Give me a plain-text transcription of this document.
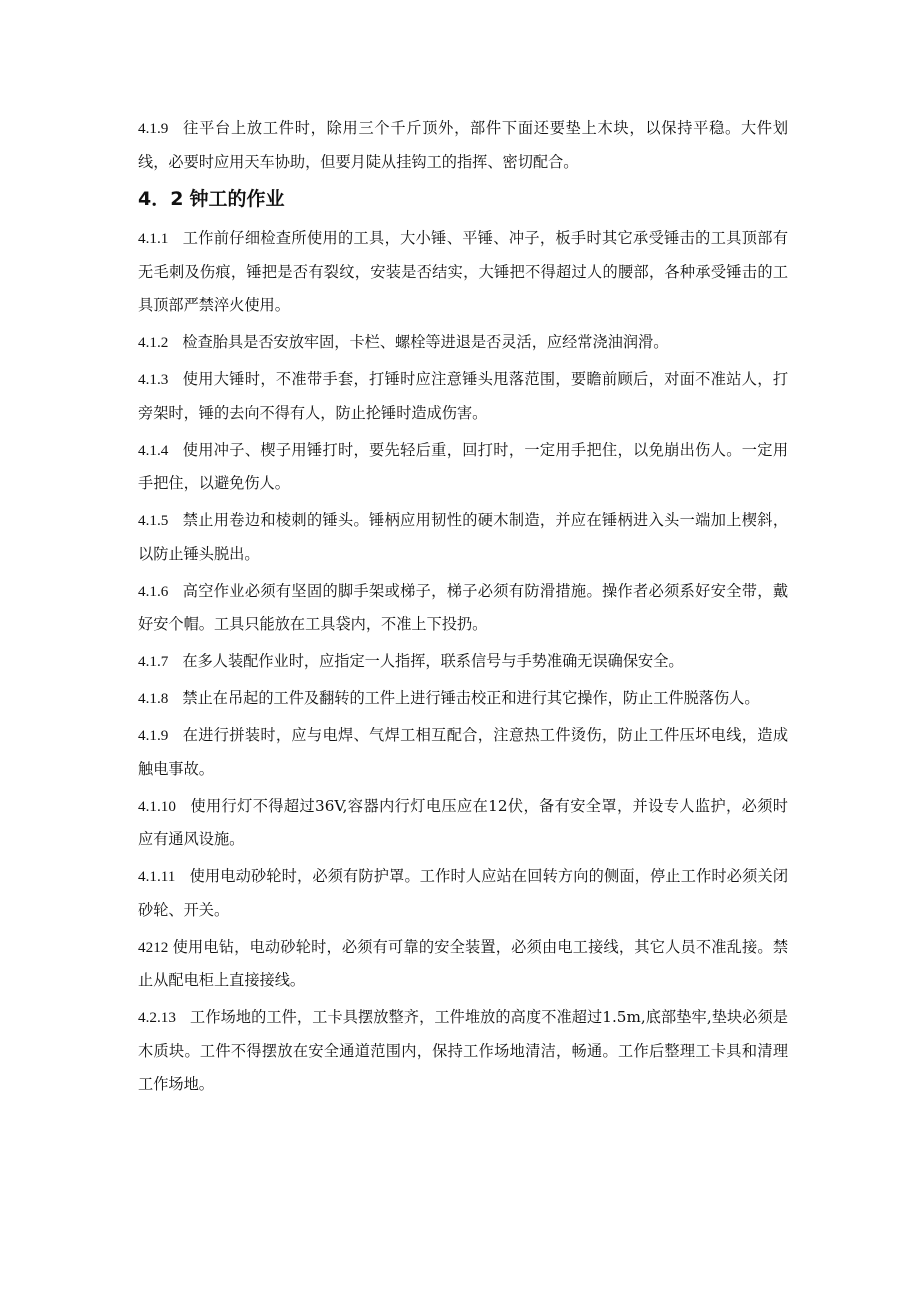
4.1.9 往平台上放工件时，除用三个千斤顶外，部件下面还要垫上木块，以保持平稳。大件划线，必要时应用天车协助，但要月陡从挂钩工的指挥、密切配合。

4．2 钟工的作业

4.1.1 工作前仔细检查所使用的工具，大小锤、平锤、冲子，板手时其它承受锤击的工具顶部有无毛刺及伤痕，锤把是否有裂纹，安装是否结实，大锤把不得超过人的腰部，各种承受锤击的工具顶部严禁淬火使用。

4.1.2 检查胎具是否安放牢固，卡栏、螺栓等进退是否灵活，应经常浇油润滑。

4.1.3 使用大锤时，不准带手套，打锤时应注意锤头甩落范围，要瞻前顾后，对面不准站人，打旁架时，锤的去向不得有人，防止抡锤时造成伤害。

4.1.4 使用冲子、楔子用锤打时，要先轻后重，回打时，一定用手把住，以免崩出伤人。一定用手把住，以避免伤人。

4.1.5 禁止用卷边和棱刺的锤头。锤柄应用韧性的硬木制造，并应在锤柄进入头一端加上楔斜，以防止锤头脱出。

4.1.6 高空作业必须有坚固的脚手架或梯子，梯子必须有防滑措施。操作者必须系好安全带，戴好安个帽。工具只能放在工具袋内，不准上下投扔。

4.1.7 在多人装配作业时，应指定一人指挥，联系信号与手势准确无误确保安全。

4.1.8 禁止在吊起的工件及翻转的工件上进行锤击校正和进行其它操作，防止工件脱落伤人。

4.1.9 在进行拼装时，应与电焊、气焊工相互配合，注意热工件烫伤，防止工件压坏电线，造成触电事故。

4.1.10 使用行灯不得超过36V,容器内行灯电压应在12伏，备有安全罩，并设专人监护，必须时应有通风设施。

4.1.11 使用电动砂轮时，必须有防护罩。工作时人应站在回转方向的侧面，停止工作时必须关闭砂轮、开关。

4212 使用电钻，电动砂轮时，必须有可靠的安全装置，必须由电工接线，其它人员不准乱接。禁止从配电柜上直接接线。

4.2.13 工作场地的工件，工卡具摆放整齐，工件堆放的高度不准超过1.5m,底部垫牢,垫块必须是木质块。工件不得摆放在安全通道范围内，保持工作场地清洁，畅通。工作后整理工卡具和清理工作场地。
